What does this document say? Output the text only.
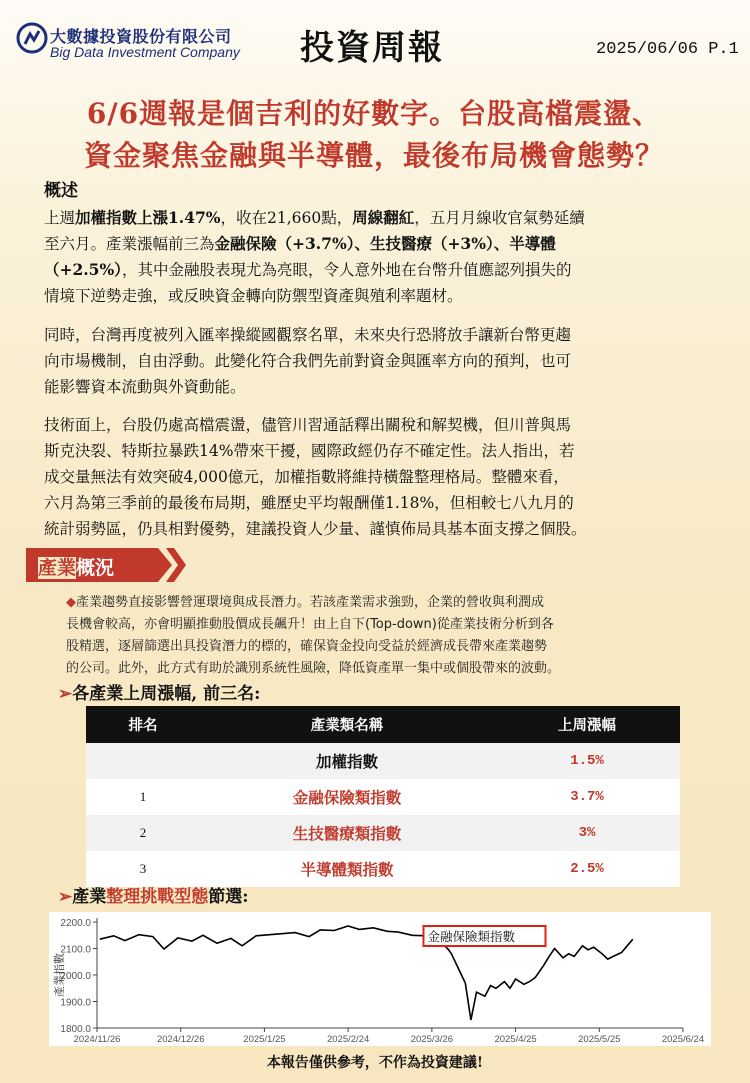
大數據投資股份有限公司
Big Data Investment Company 投資周報	2025/06/06 P.1
6/6週報是個吉利的好數字。台股高檔震盪、
資金聚焦金融與半導體，最後布局機會態勢？
概述
上週加權指數上漲1.47%，收在21,660點，周線翻紅，五月月線收官氣勢延續
至六月。產業漲幅前三為金融保險（+3.7%）、生技醫療（+3%）、半導體
（+2.5%），其中金融股表現尤為亮眼，令人意外地在台幣升值應認列損失的
情境下逆勢走強，或反映資金轉向防禦型資產與殖利率題材。
同時，台灣再度被列入匯率操縱國觀察名單，未來央行恐將放手讓新台幣更趨
向市場機制，自由浮動。此變化符合我們先前對資金與匯率方向的預判，也可
能影響資本流動與外資動能。
技術面上，台股仍處高檔震盪，儘管川習通話釋出關稅和解契機，但川普與馬
斯克決裂、特斯拉暴跌14%帶來干擾，國際政經仍存不確定性。法人指出，若
成交量無法有效突破4,000億元，加權指數將維持橫盤整理格局。整體來看，
六月為第三季前的最後布局期，雖歷史平均報酬僅1.18%，但相較七八九月的
統計弱勢區，仍具相對優勢，建議投資人少量、謹慎佈局具基本面支撐之個股。
產業概況
◆產業趨勢直接影響營運環境與成長潛力。若該產業需求強勁，企業的營收與利潤成
長機會較高，亦會明顯推動股價成長飆升！由上自下(Top-down)從產業技術分析到各
股精選，逐層篩選出具投資潛力的標的，確保資金投向受益於經濟成長帶來產業趨勢
的公司。此外，此方式有助於識別系統性風險，降低資產單一集中或個股帶來的波動。
➢各產業上周漲幅, 前三名:
排名	產業類名稱	上周漲幅
	加權指數	1.5%
1	金融保險類指數	3.7%
2	生技醫療類指數	3%
3	半導體類指數	2.5%
➢產業整理挑戰型態節選:
1800.0
1900.0
2000.0
2100.0
2200.0
2024/11/26	2024/12/26	2025/1/25	2025/2/24	2025/3/26	2025/4/25	2025/5/25	2025/6/24
產業指數
金融保險類指數
本報告僅供參考，不作為投資建議!
